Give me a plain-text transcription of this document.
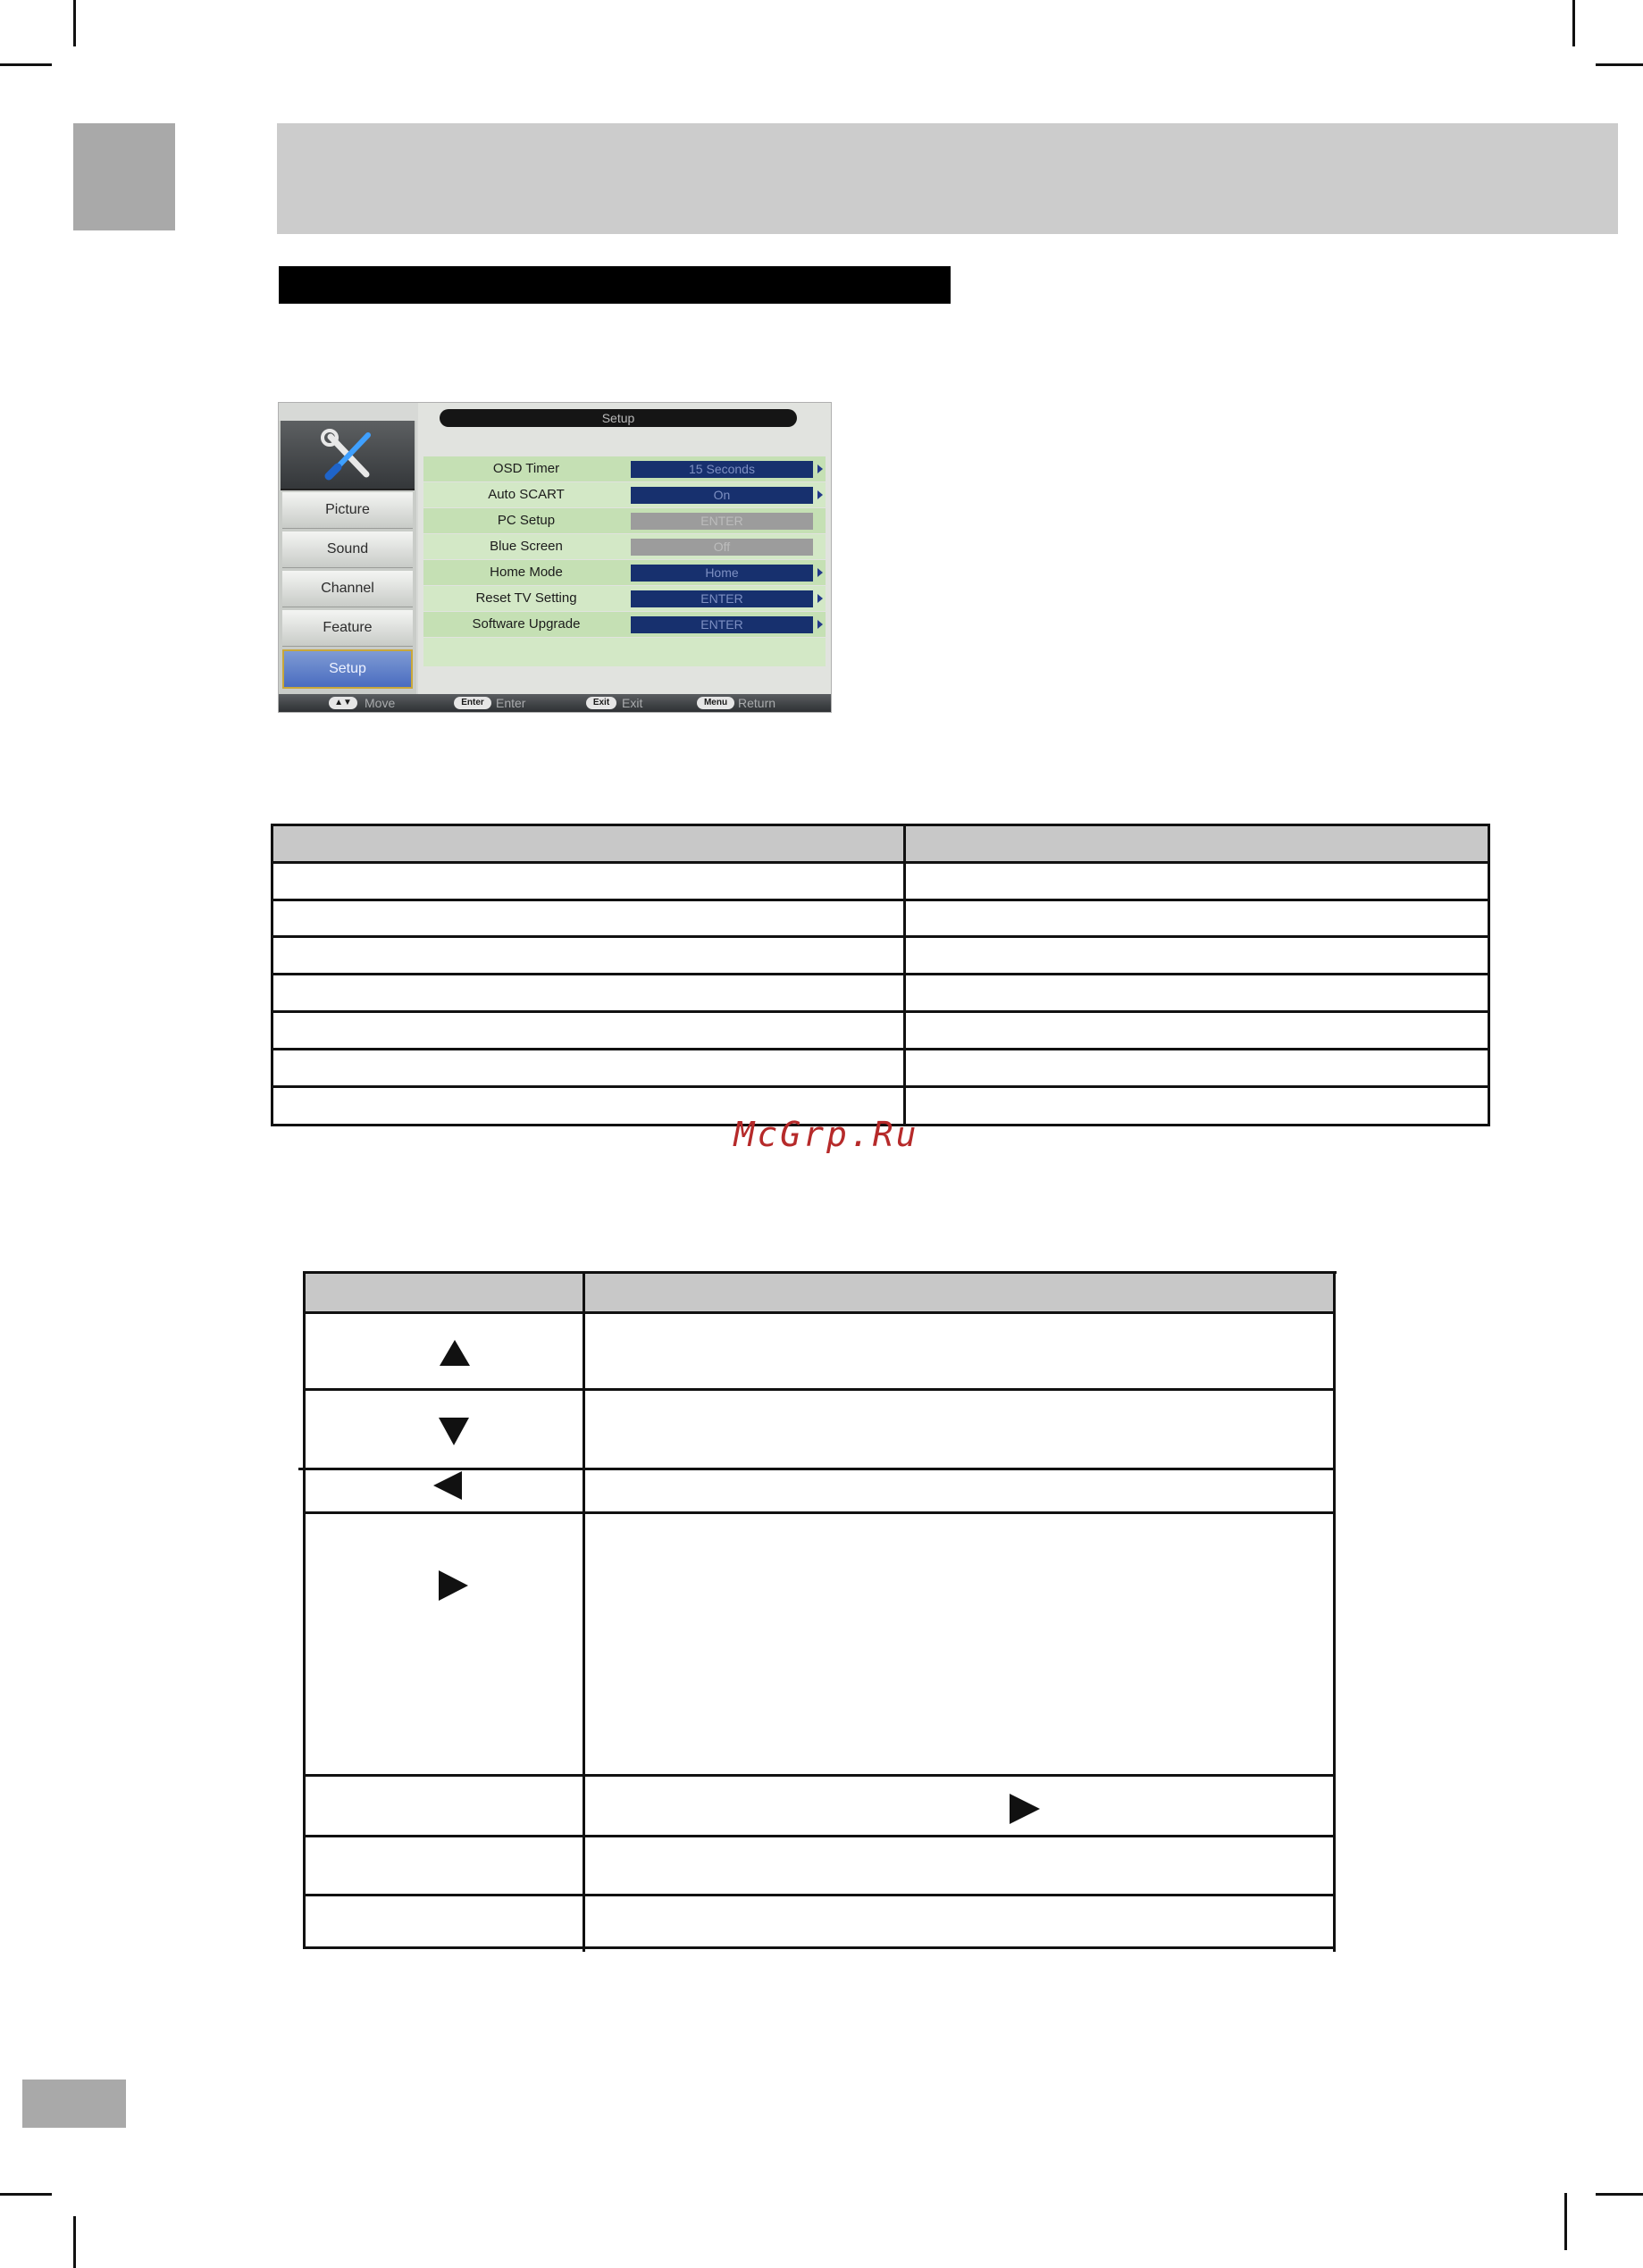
Picture
Sound
Channel
Feature
Setup
Setup
OSD Timer	15 Seconds
Auto SCART	On
PC Setup	ENTER
Blue Screen	Off
Home Mode	Home
Reset TV Setting	ENTER
Software Upgrade	ENTER
▲▼	Move	Enter Enter	Exit Exit	Menu Return
McGrp.Ru
